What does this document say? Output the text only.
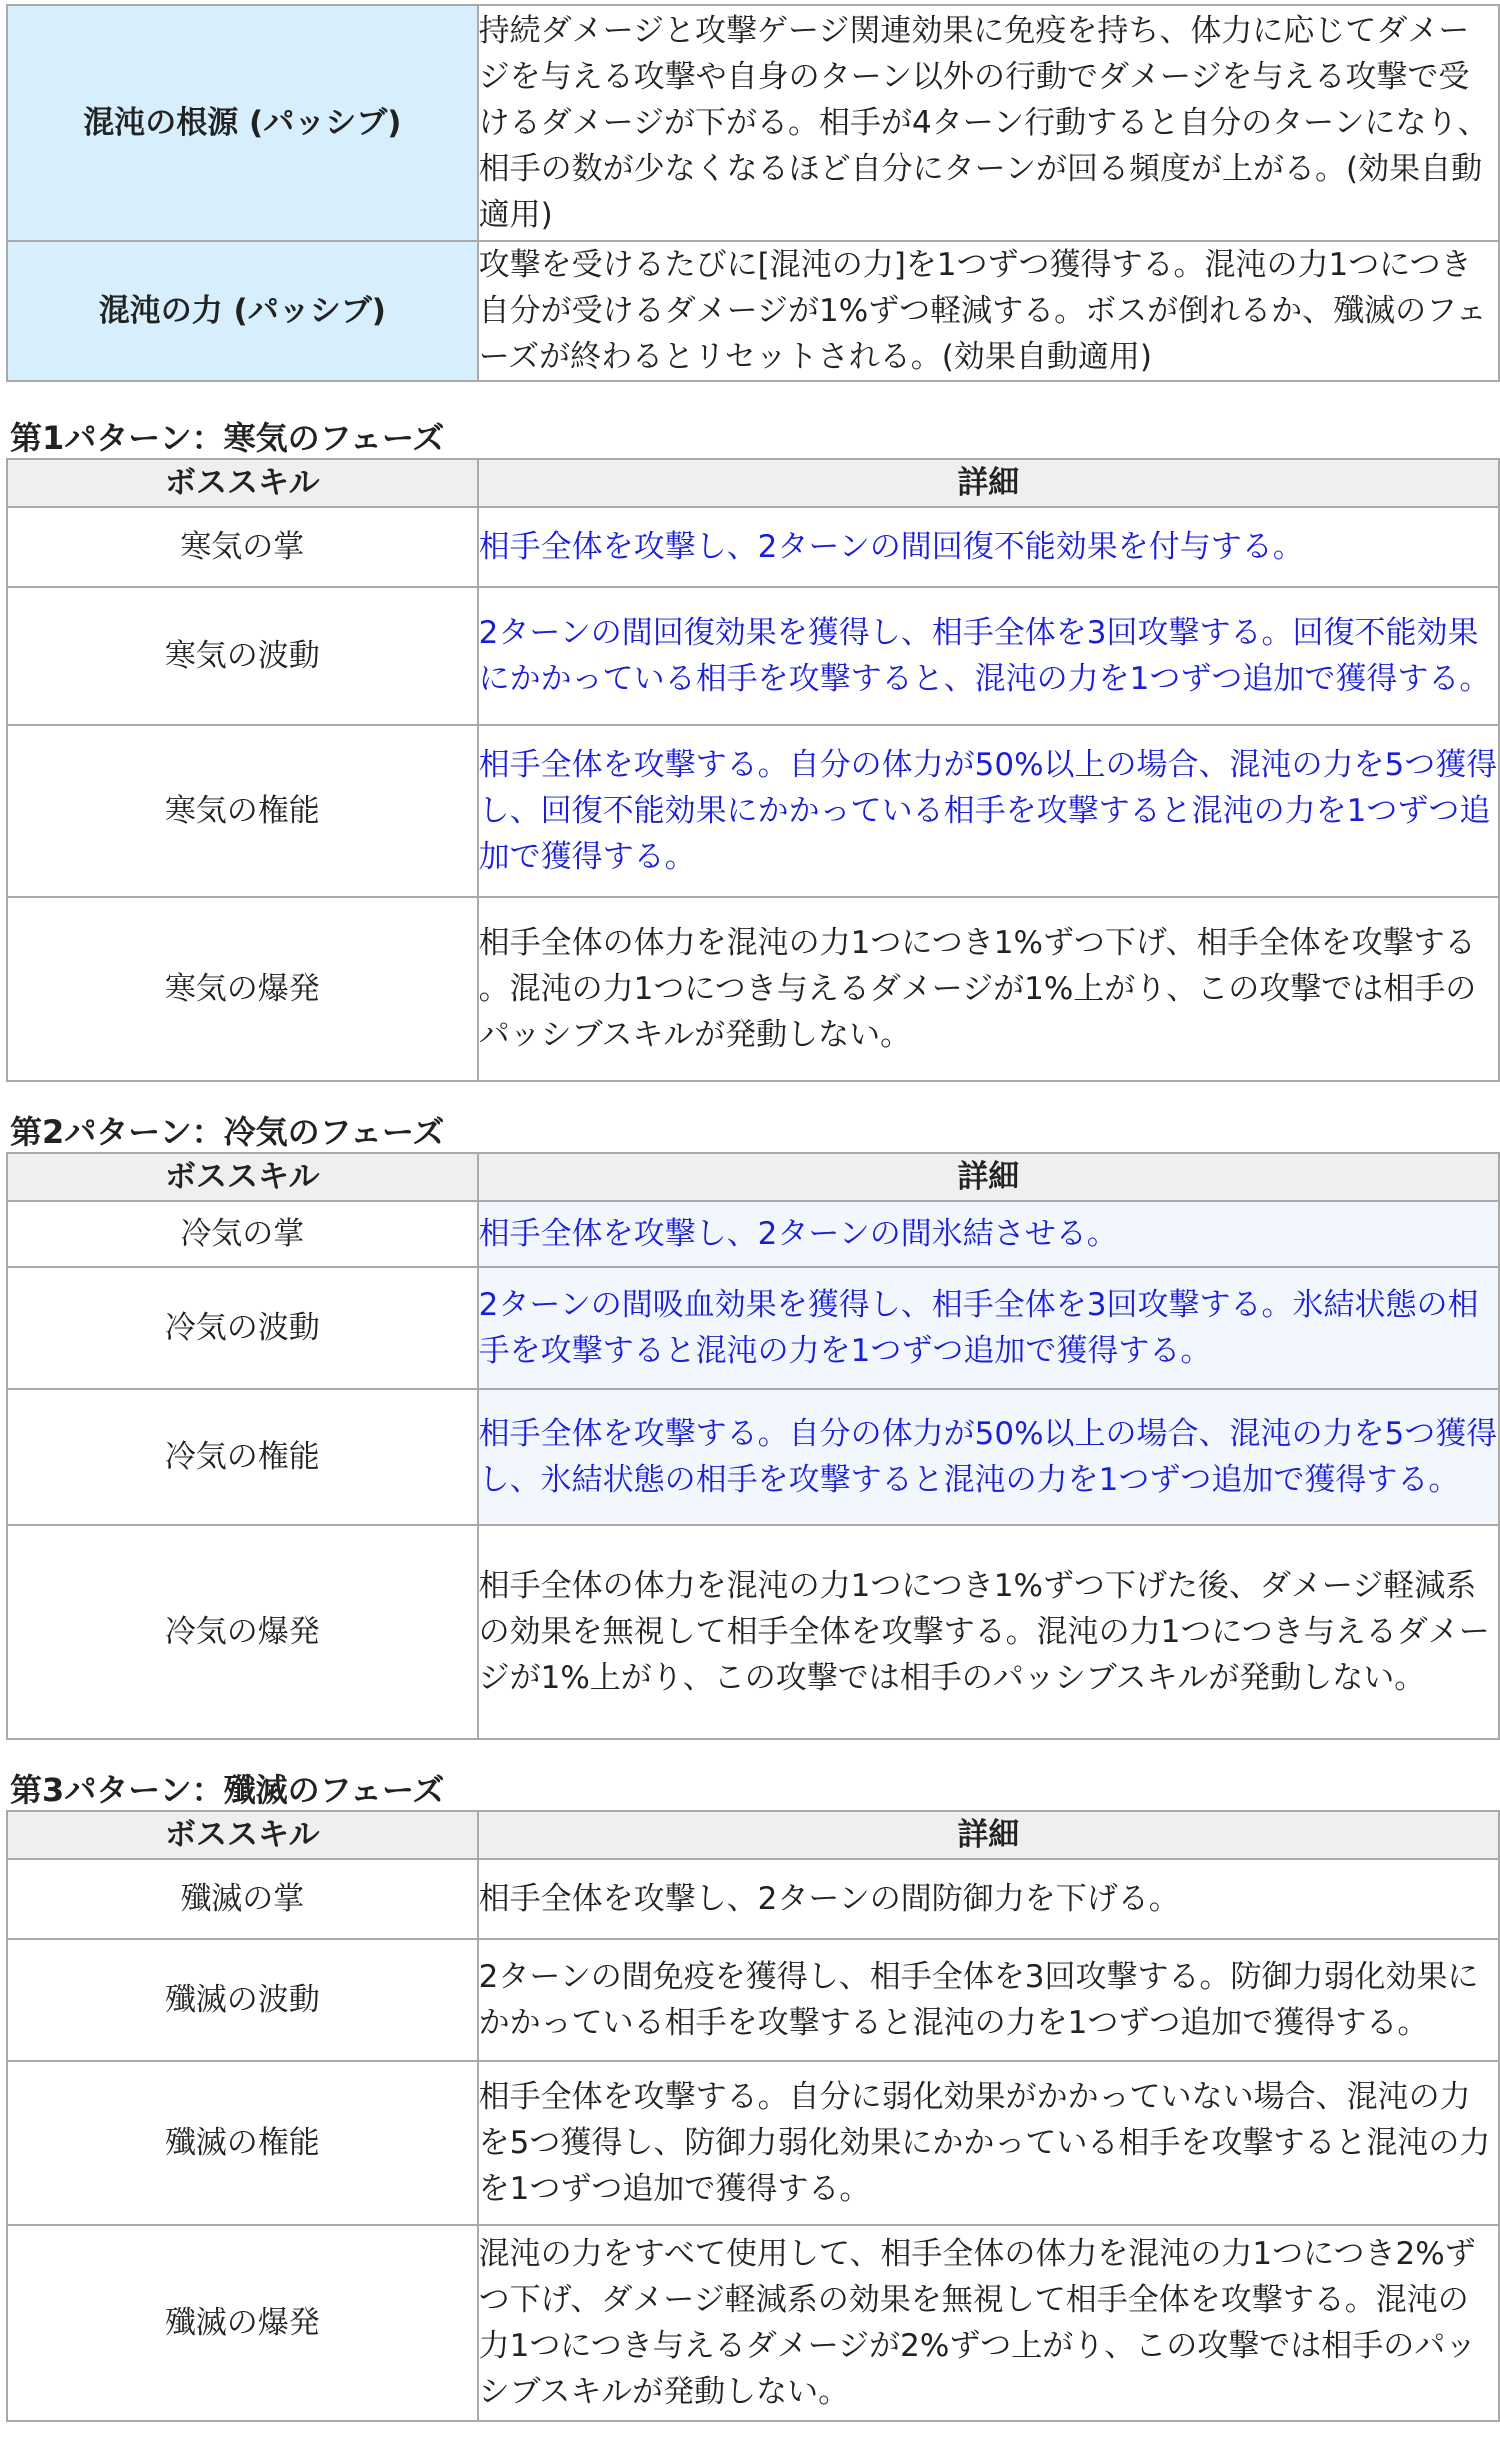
混沌の根源 (パッシブ)	持続ダメージと攻撃ゲージ関連効果に免疫を持ち、体力に応じてダメージを与える攻撃や自身のターン以外の行動でダメージを与える攻撃で受けるダメージが下がる。相手が4ターン行動すると自分のターンになり、相手の数が少なくなるほど自分にターンが回る頻度が上がる。(効果自動適用)
混沌の力 (パッシブ)	攻撃を受けるたびに[混沌の力]を1つずつ獲得する。混沌の力1つにつき自分が受けるダメージが1%ずつ軽減する。ボスが倒れるか、殲滅のフェーズが終わるとリセットされる。(効果自動適用)
第1パターン：寒気のフェーズ
ボススキル	詳細
寒気の掌	相手全体を攻撃し、2ターンの間回復不能効果を付与する。
寒気の波動	2ターンの間回復効果を獲得し、相手全体を3回攻撃する。回復不能効果にかかっている相手を攻撃すると、混沌の力を1つずつ追加で獲得する。
寒気の権能	相手全体を攻撃する。自分の体力が50%以上の場合、混沌の力を5つ獲得し、回復不能効果にかかっている相手を攻撃すると混沌の力を1つずつ追加で獲得する。
寒気の爆発	相手全体の体力を混沌の力1つにつき1%ずつ下げ、相手全体を攻撃する。混沌の力1つにつき与えるダメージが1%上がり、この攻撃では相手のパッシブスキルが発動しない。
第2パターン：冷気のフェーズ
ボススキル	詳細
冷気の掌	相手全体を攻撃し、2ターンの間氷結させる。
冷気の波動	2ターンの間吸血効果を獲得し、相手全体を3回攻撃する。氷結状態の相手を攻撃すると混沌の力を1つずつ追加で獲得する。
冷気の権能	相手全体を攻撃する。自分の体力が50%以上の場合、混沌の力を5つ獲得し、氷結状態の相手を攻撃すると混沌の力を1つずつ追加で獲得する。
冷気の爆発	相手全体の体力を混沌の力1つにつき1%ずつ下げた後、ダメージ軽減系の効果を無視して相手全体を攻撃する。混沌の力1つにつき与えるダメージが1%上がり、この攻撃では相手のパッシブスキルが発動しない。
第3パターン：殲滅のフェーズ
ボススキル	詳細
殲滅の掌	相手全体を攻撃し、2ターンの間防御力を下げる。
殲滅の波動	2ターンの間免疫を獲得し、相手全体を3回攻撃する。防御力弱化効果にかかっている相手を攻撃すると混沌の力を1つずつ追加で獲得する。
殲滅の権能	相手全体を攻撃する。自分に弱化効果がかかっていない場合、混沌の力を5つ獲得し、防御力弱化効果にかかっている相手を攻撃すると混沌の力を1つずつ追加で獲得する。
殲滅の爆発	混沌の力をすべて使用して、相手全体の体力を混沌の力1つにつき2%ずつ下げ、ダメージ軽減系の効果を無視して相手全体を攻撃する。混沌の力1つにつき与えるダメージが2%ずつ上がり、この攻撃では相手のパッシブスキルが発動しない。
